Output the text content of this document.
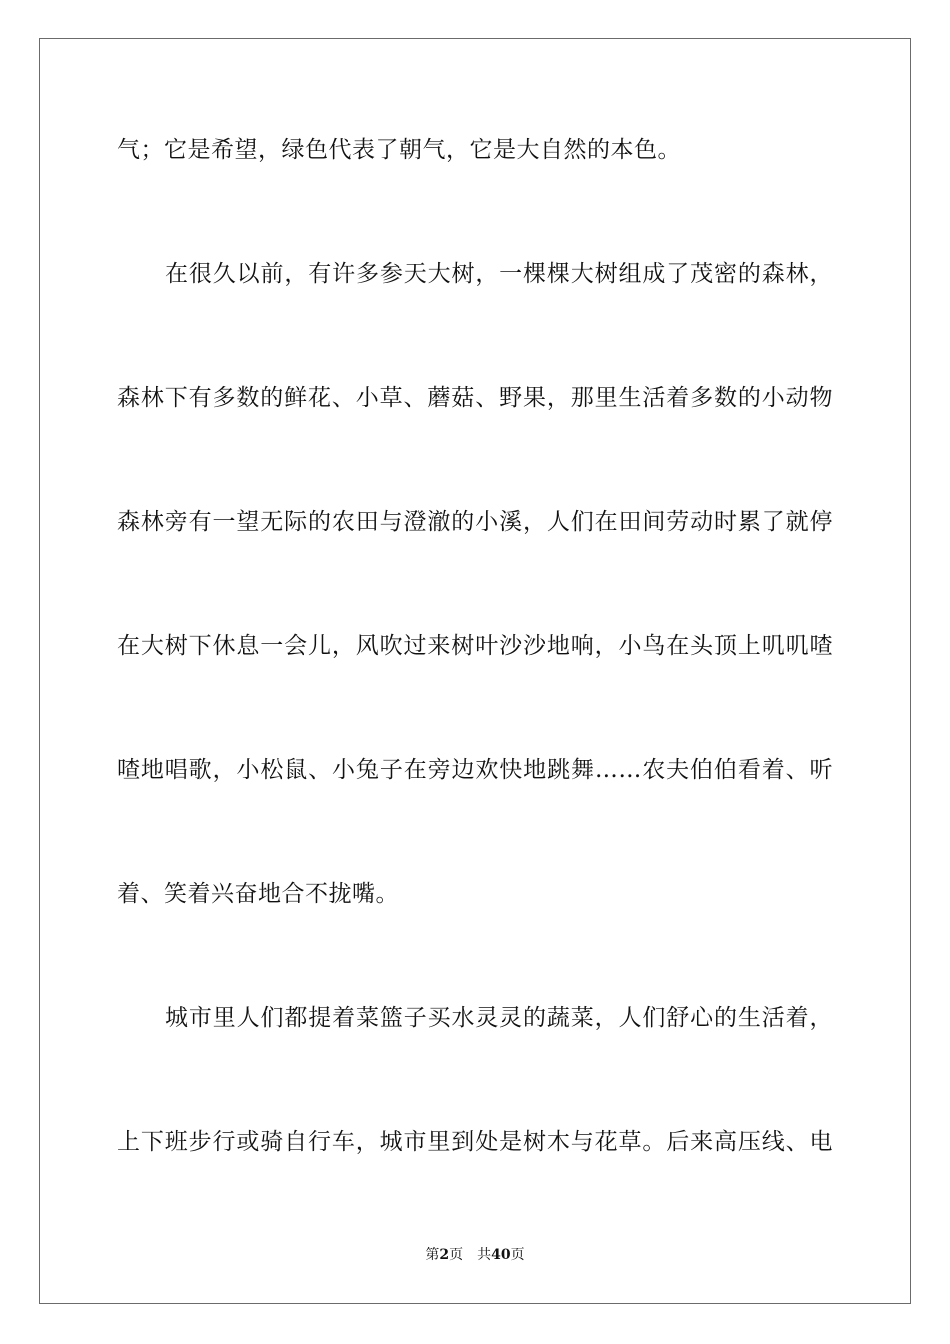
气；它是希望，绿色代表了朝气，它是大自然的本色。
在很久以前，有许多参天大树，一棵棵大树组成了茂密的森林，
森林下有多数的鲜花、小草、蘑菇、野果，那里生活着多数的小动物
森林旁有一望无际的农田与澄澈的小溪，人们在田间劳动时累了就停
在大树下休息一会儿，风吹过来树叶沙沙地响，小鸟在头顶上叽叽喳
喳地唱歌，小松鼠、小兔子在旁边欢快地跳舞……农夫伯伯看着、听
着、笑着兴奋地合不拢嘴。
城市里人们都提着菜篮子买水灵灵的蔬菜，人们舒心的生活着，
上下班步行或骑自行车，城市里到处是树木与花草。后来高压线、电
第2页 共40页
